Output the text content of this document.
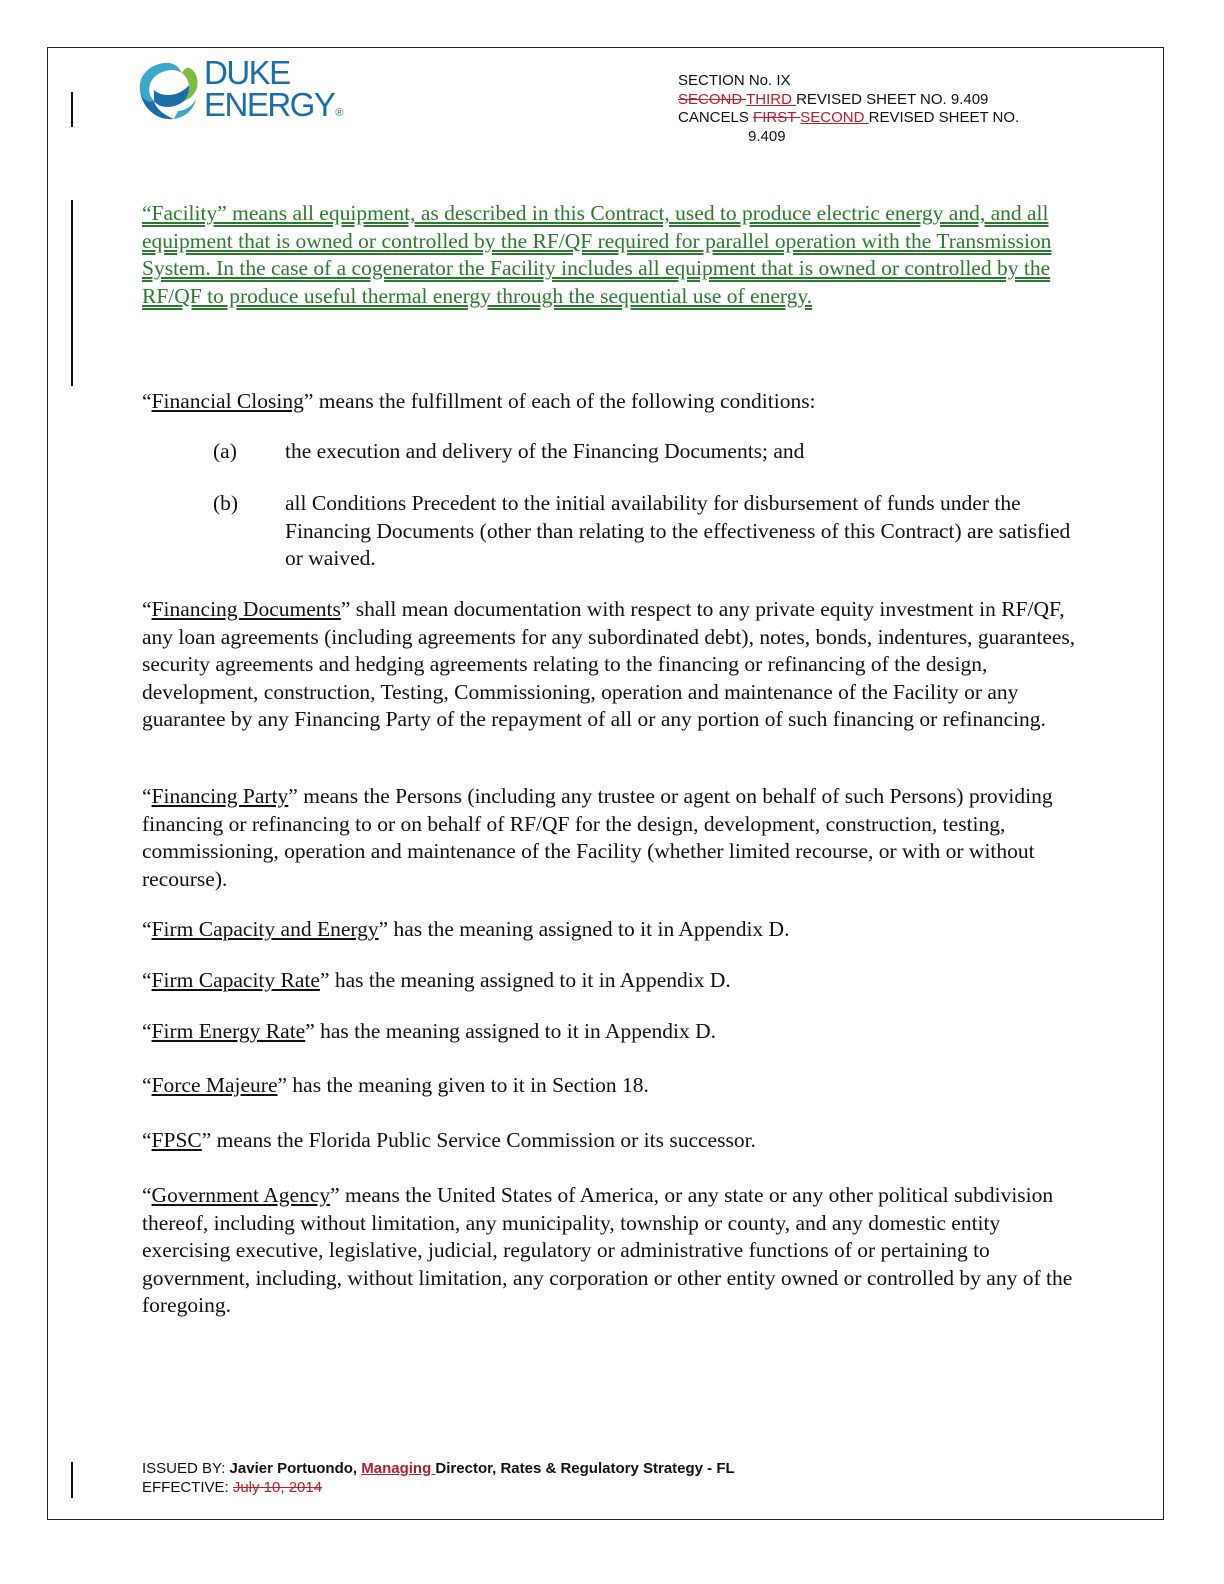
DUKE
ENERGY®
SECTION No. IX
SECOND THIRD REVISED SHEET NO. 9.409
CANCELS FIRST SECOND REVISED SHEET NO.
9.409
“Facility” means all equipment, as described in this Contract, used to produce electric energy and, and all equipment that is owned or controlled by the RF/QF required for parallel operation with the Transmission System. In the case of a cogenerator the Facility includes all equipment that is owned or controlled by the RF/QF to produce useful thermal energy through the sequential use of energy.
“Financial Closing” means the fulfillment of each of the following conditions:
(a) the execution and delivery of the Financing Documents; and
(b) all Conditions Precedent to the initial availability for disbursement of funds under the Financing Documents (other than relating to the effectiveness of this Contract) are satisfied or waived.
“Financing Documents” shall mean documentation with respect to any private equity investment in RF/QF, any loan agreements (including agreements for any subordinated debt), notes, bonds, indentures, guarantees, security agreements and hedging agreements relating to the financing or refinancing of the design, development, construction, Testing, Commissioning, operation and maintenance of the Facility or any guarantee by any Financing Party of the repayment of all or any portion of such financing or refinancing.
“Financing Party” means the Persons (including any trustee or agent on behalf of such Persons) providing financing or refinancing to or on behalf of RF/QF for the design, development, construction, testing, commissioning, operation and maintenance of the Facility (whether limited recourse, or with or without recourse).
“Firm Capacity and Energy” has the meaning assigned to it in Appendix D.
“Firm Capacity Rate” has the meaning assigned to it in Appendix D.
“Firm Energy Rate” has the meaning assigned to it in Appendix D.
“Force Majeure” has the meaning given to it in Section 18.
“FPSC” means the Florida Public Service Commission or its successor.
“Government Agency” means the United States of America, or any state or any other political subdivision thereof, including without limitation, any municipality, township or county, and any domestic entity exercising executive, legislative, judicial, regulatory or administrative functions of or pertaining to government, including, without limitation, any corporation or other entity owned or controlled by any of the foregoing.
ISSUED BY: Javier Portuondo, Managing Director, Rates & Regulatory Strategy - FL
EFFECTIVE: July 10, 2014
